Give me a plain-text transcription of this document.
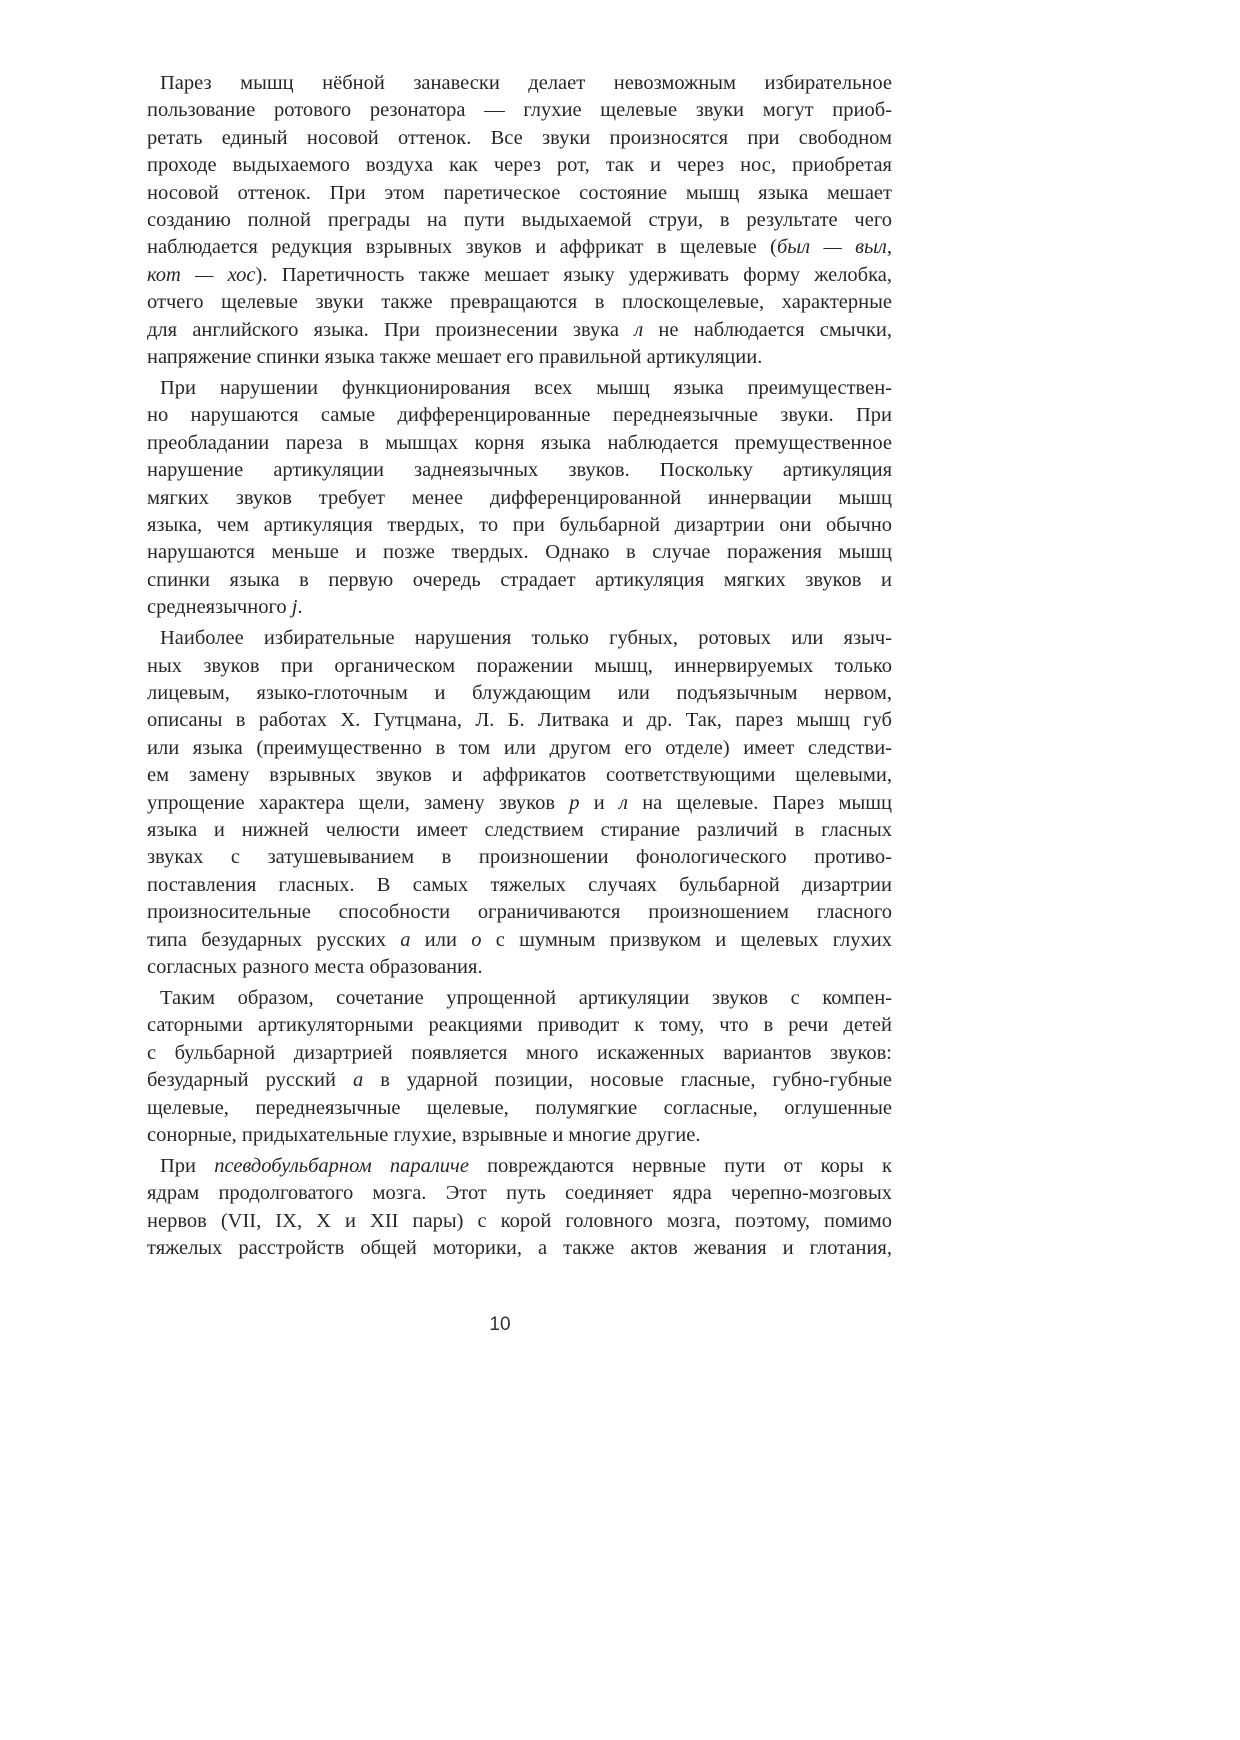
Парез мышц нёбной занавески делает невозможным избирательное
пользование ротового резонатора — глухие щелевые звуки могут приоб-
ретать единый носовой оттенок. Все звуки произносятся при свободном
проходе выдыхаемого воздуха как через рот, так и через нос, приобретая
носовой оттенок. При этом паретическое состояние мышц языка мешает
созданию полной преграды на пути выдыхаемой струи, в результате чего
наблюдается редукция взрывных звуков и аффрикат в щелевые (был — выл,
кот — хос). Паретичность также мешает языку удерживать форму желобка,
отчего щелевые звуки также превращаются в плоскощелевые, характерные
для английского языка. При произнесении звука л не наблюдается смычки,
напряжение спинки языка также мешает его правильной артикуляции.
При нарушении функционирования всех мышц языка преимуществен-
но нарушаются самые дифференцированные переднеязычные звуки. При
преобладании пареза в мышцах корня языка наблюдается премущественное
нарушение артикуляции заднеязычных звуков. Поскольку артикуляция
мягких звуков требует менее дифференцированной иннервации мышц
языка, чем артикуляция твердых, то при бульбарной дизартрии они обычно
нарушаются меньше и позже твердых. Однако в случае поражения мышц
спинки языка в первую очередь страдает артикуляция мягких звуков и
среднеязычного j.
Наиболее избирательные нарушения только губных, ротовых или языч-
ных звуков при органическом поражении мышц, иннервируемых только
лицевым, языко-глоточным и блуждающим или подъязычным нервом,
описаны в работах Х. Гутцмана, Л. Б. Литвака и др. Так, парез мышц губ
или языка (преимущественно в том или другом его отделе) имеет следстви-
ем замену взрывных звуков и аффрикатов соответствующими щелевыми,
упрощение характера щели, замену звуков р и л на щелевые. Парез мышц
языка и нижней челюсти имеет следствием стирание различий в гласных
звуках с затушевыванием в произношении фонологического противо-
поставления гласных. В самых тяжелых случаях бульбарной дизартрии
произносительные способности ограничиваются произношением гласного
типа безударных русских а или о с шумным призвуком и щелевых глухих
согласных разного места образования.
Таким образом, сочетание упрощенной артикуляции звуков с компен-
саторными артикуляторными реакциями приводит к тому, что в речи детей
с бульбарной дизартрией появляется много искаженных вариантов звуков:
безударный русский а в ударной позиции, носовые гласные, губно-губные
щелевые, переднеязычные щелевые, полумягкие согласные, оглушенные
сонорные, придыхательные глухие, взрывные и многие другие.
При псевдобульбарном параличе повреждаются нервные пути от коры к
ядрам продолговатого мозга. Этот путь соединяет ядра черепно-мозговых
нервов (VII, IX, X и XII пары) с корой головного мозга, поэтому, помимо
тяжелых расстройств общей моторики, а также актов жевания и глотания,
10
